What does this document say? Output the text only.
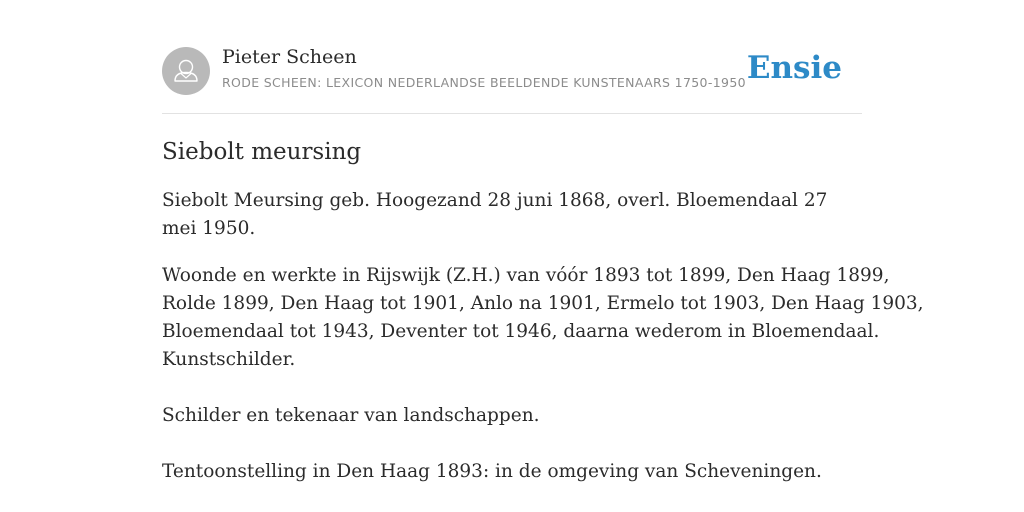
Pieter Scheen
RODE SCHEEN: LEXICON NEDERLANDSE BEELDENDE KUNSTENAARS 1750-1950 Ensie
Siebolt meursing

Siebolt Meursing geb. Hoogezand 28 juni 1868, overl. Bloemendaal 27 mei 1950.

Woonde en werkte in Rijswijk (Z.H.) van vóór 1893 tot 1899, Den Haag 1899,
Rolde 1899, Den Haag tot 1901, Anlo na 1901, Ermelo tot 1903, Den Haag 1903,
Bloemendaal tot 1943, Deventer tot 1946, daarna wederom in Bloemendaal.
Kunstschilder.

Schilder en tekenaar van landschappen.

Tentoonstelling in Den Haag 1893: in de omgeving van Scheveningen.
